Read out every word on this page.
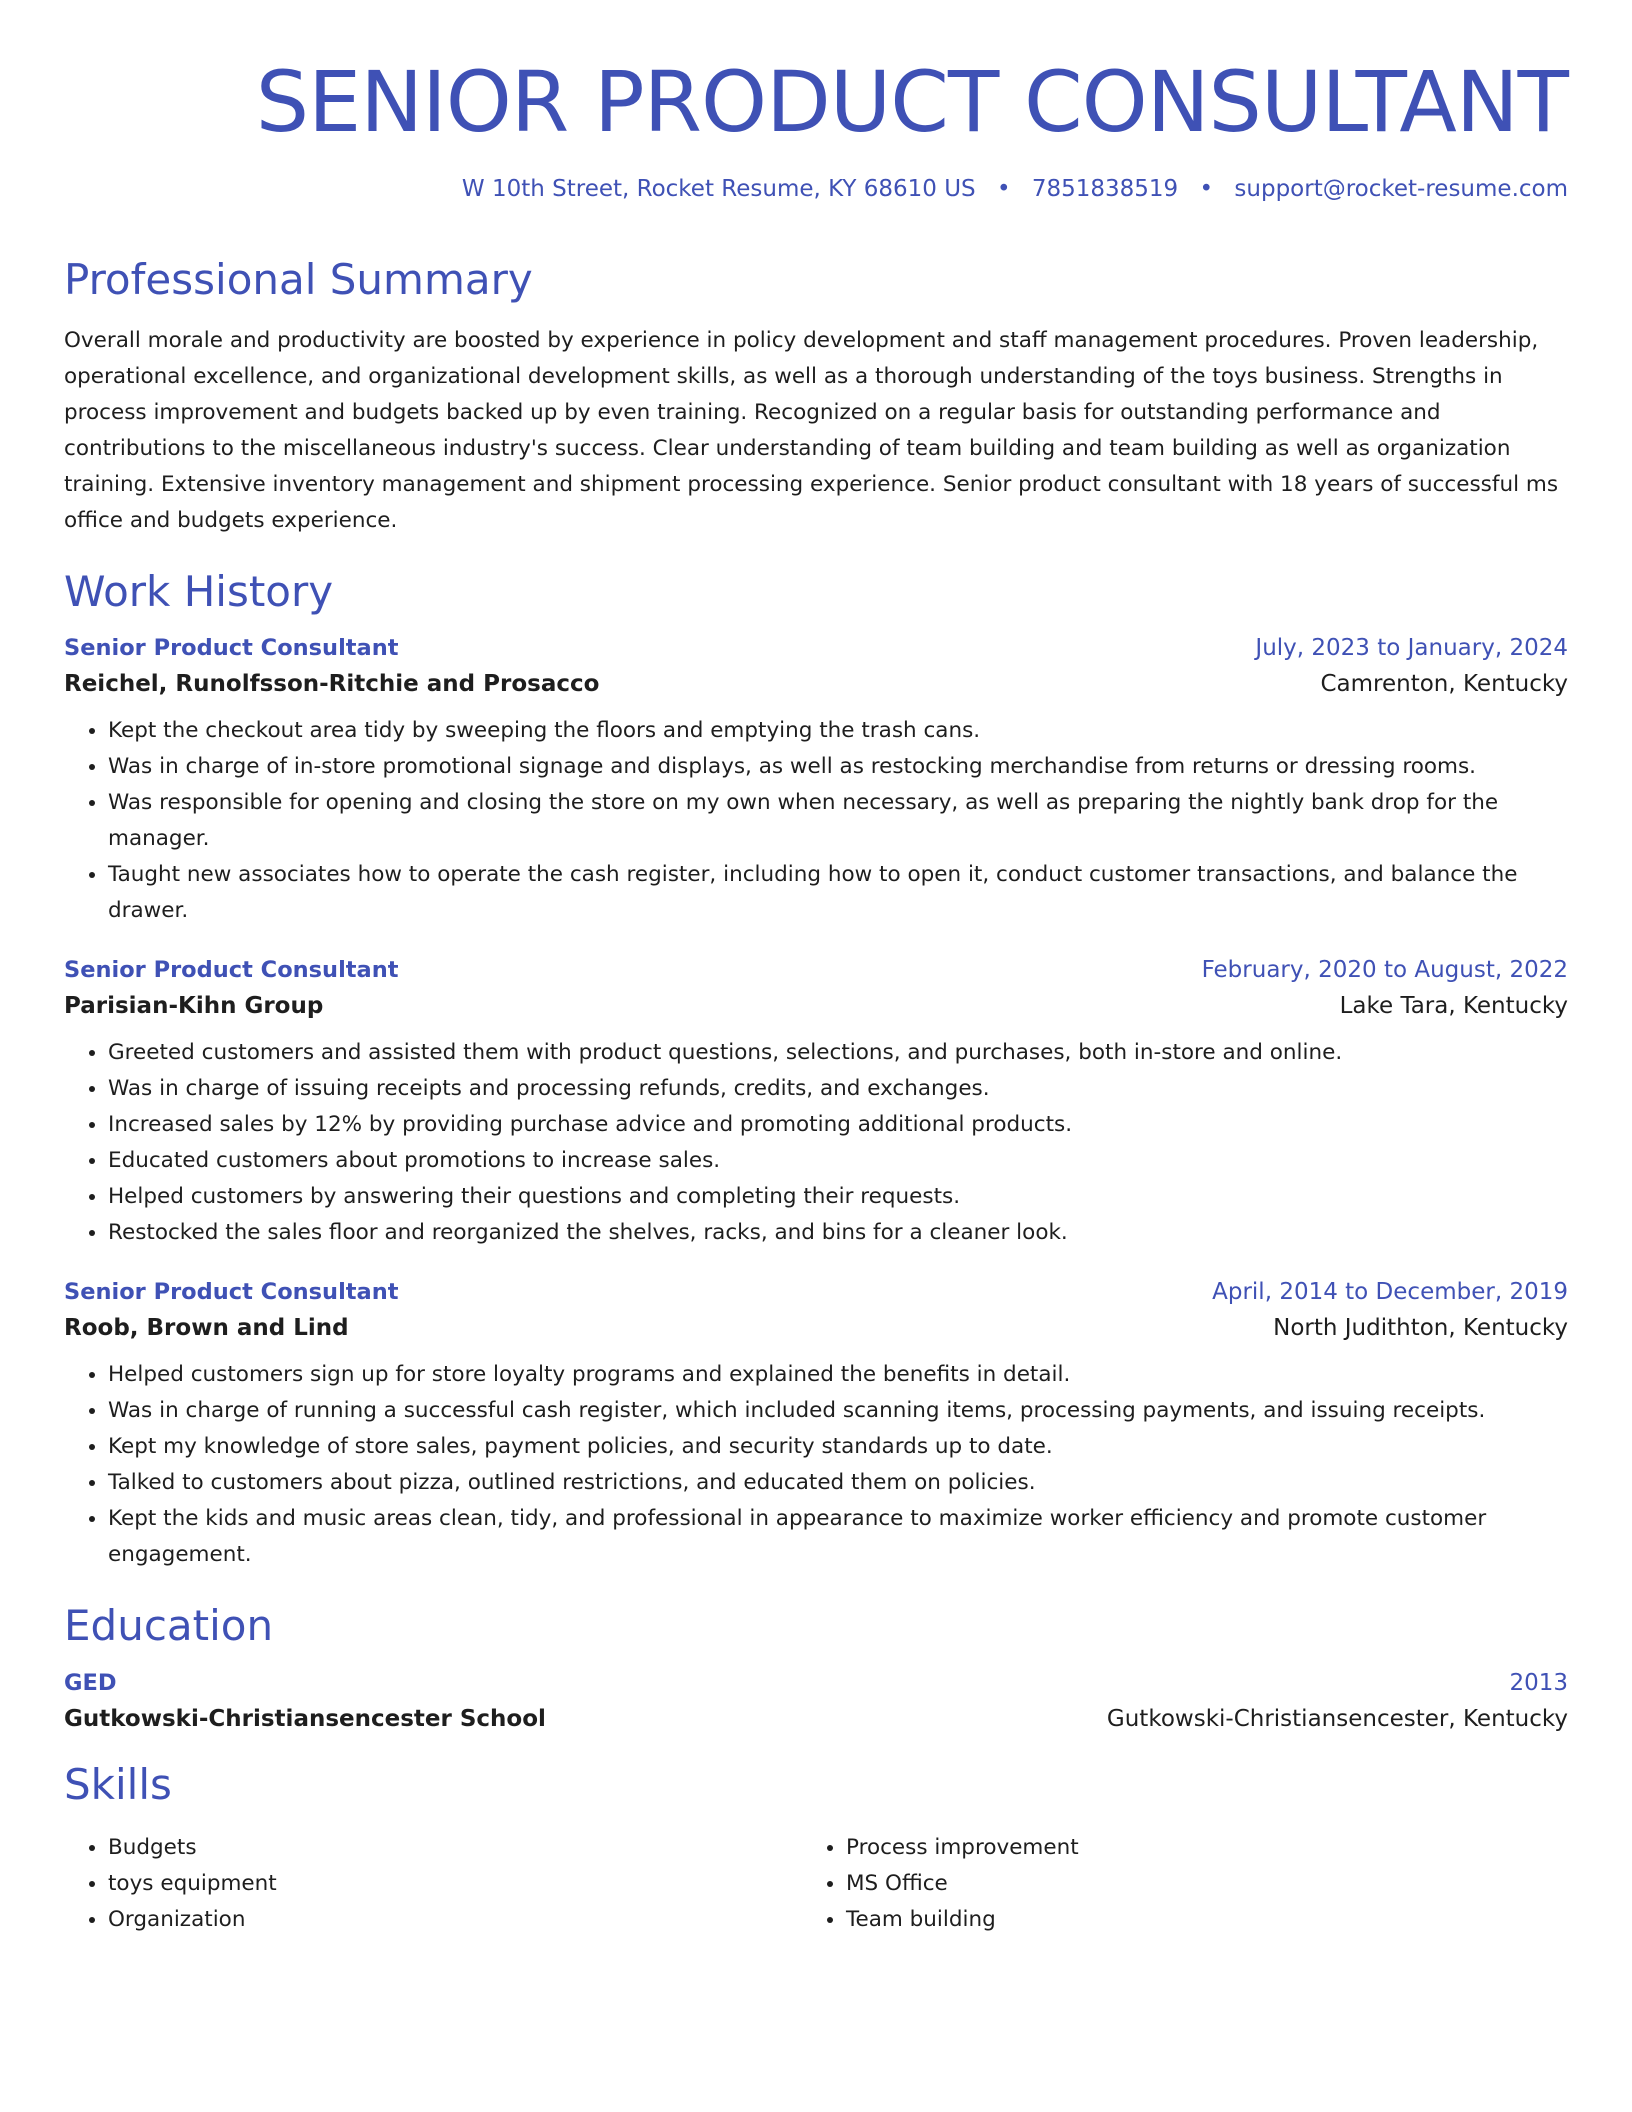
SENIOR PRODUCT CONSULTANT
W 10th Street, Rocket Resume, KY 68610 US • 7851838519 • support@rocket-resume.com
Professional Summary
Overall morale and productivity are boosted by experience in policy development and staff management procedures. Proven leadership, operational excellence, and organizational development skills, as well as a thorough understanding of the toys business. Strengths in process improvement and budgets backed up by even training. Recognized on a regular basis for outstanding performance and contributions to the miscellaneous industry's success. Clear understanding of team building and team building as well as organization training. Extensive inventory management and shipment processing experience. Senior product consultant with 18 years of successful ms office and budgets experience.
Work History
Senior Product Consultant	July, 2023 to January, 2024
Reichel, Runolfsson-Ritchie and Prosacco	Camrenton, Kentucky
• Kept the checkout area tidy by sweeping the floors and emptying the trash cans.
• Was in charge of in-store promotional signage and displays, as well as restocking merchandise from returns or dressing rooms.
• Was responsible for opening and closing the store on my own when necessary, as well as preparing the nightly bank drop for the manager.
• Taught new associates how to operate the cash register, including how to open it, conduct customer transactions, and balance the drawer.
Senior Product Consultant	February, 2020 to August, 2022
Parisian-Kihn Group	Lake Tara, Kentucky
• Greeted customers and assisted them with product questions, selections, and purchases, both in-store and online.
• Was in charge of issuing receipts and processing refunds, credits, and exchanges.
• Increased sales by 12% by providing purchase advice and promoting additional products.
• Educated customers about promotions to increase sales.
• Helped customers by answering their questions and completing their requests.
• Restocked the sales floor and reorganized the shelves, racks, and bins for a cleaner look.
Senior Product Consultant	April, 2014 to December, 2019
Roob, Brown and Lind	North Judithton, Kentucky
• Helped customers sign up for store loyalty programs and explained the benefits in detail.
• Was in charge of running a successful cash register, which included scanning items, processing payments, and issuing receipts.
• Kept my knowledge of store sales, payment policies, and security standards up to date.
• Talked to customers about pizza, outlined restrictions, and educated them on policies.
• Kept the kids and music areas clean, tidy, and professional in appearance to maximize worker efficiency and promote customer engagement.
Education
GED	2013
Gutkowski-Christiansencester School	Gutkowski-Christiansencester, Kentucky
Skills
• Budgets
• toys equipment
• Organization
• Process improvement
• MS Office
• Team building
